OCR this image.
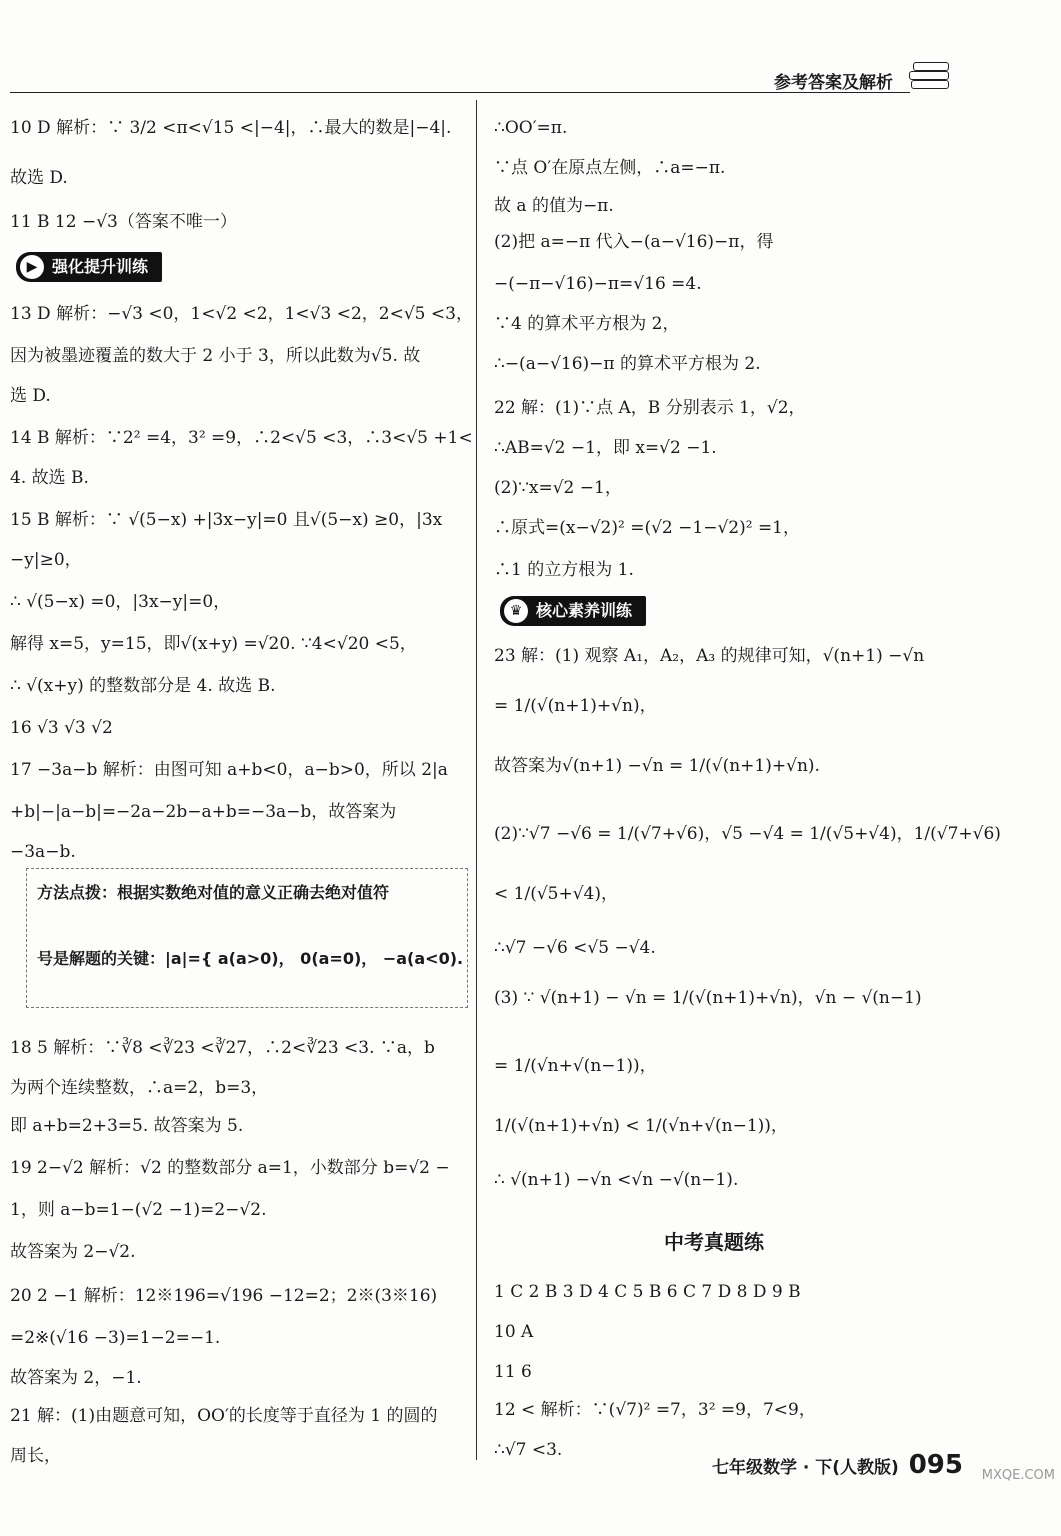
参考答案及解析
10 D 解析：∵ 3/2 <π<√15 <|−4|，∴最大的数是|−4|.
故选 D.
11 B 12 −√3（答案不唯一）
▶ 强化提升训练
13 D 解析：−√3 <0，1<√2 <2，1<√3 <2，2<√5 <3，
因为被墨迹覆盖的数大于 2 小于 3，所以此数为√5. 故
选 D.
14 B 解析：∵2² =4，3² =9，∴2<√5 <3，∴3<√5 +1<
4. 故选 B.
15 B 解析：∵ √(5−x) +|3x−y|=0 且√(5−x) ≥0，|3x
−y|≥0，
∴ √(5−x) =0，|3x−y|=0，
解得 x=5，y=15，即√(x+y) =√20. ∵4<√20 <5，
∴ √(x+y) 的整数部分是 4. 故选 B.
16 √3 √3 √2
17 −3a−b 解析：由图可知 a+b<0，a−b>0，所以 2|a
+b|−|a−b|=−2a−2b−a+b=−3a−b，故答案为
−3a−b.
方法点拨：根据实数绝对值的意义正确去绝对值符
号是解题的关键：|a|={ a(a>0)， 0(a=0)， −a(a<0).
18 5 解析：∵∛8 <∛23 <∛27，∴2<∛23 <3. ∵a，b
为两个连续整数，∴a=2，b=3，
即 a+b=2+3=5. 故答案为 5.
19 2−√2 解析：√2 的整数部分 a=1，小数部分 b=√2 −
1，则 a−b=1−(√2 −1)=2−√2.
故答案为 2−√2.
20 2 −1 解析：12※196=√196 −12=2；2※(3※16)
=2※(√16 −3)=1−2=−1.
故答案为 2，−1.
21 解：(1)由题意可知，OO′的长度等于直径为 1 的圆的
周长，
∴OO′=π.
∵点 O′在原点左侧，∴a=−π.
故 a 的值为−π.
(2)把 a=−π 代入−(a−√16)−π，得
−(−π−√16)−π=√16 =4.
∵4 的算术平方根为 2，
∴−(a−√16)−π 的算术平方根为 2.
22 解：(1)∵点 A，B 分别表示 1，√2，
∴AB=√2 −1，即 x=√2 −1.
(2)∵x=√2 −1，
∴原式=(x−√2)² =(√2 −1−√2)² =1，
∴1 的立方根为 1.
♛ 核心素养训练
23 解：(1) 观察 A₁，A₂，A₃ 的规律可知，√(n+1) −√n
= 1/(√(n+1)+√n)，
故答案为√(n+1) −√n = 1/(√(n+1)+√n).
(2)∵√7 −√6 = 1/(√7+√6)，√5 −√4 = 1/(√5+√4)，1/(√7+√6)
< 1/(√5+√4)，
∴√7 −√6 <√5 −√4.
(3) ∵ √(n+1) − √n = 1/(√(n+1)+√n)，√n − √(n−1)
= 1/(√n+√(n−1))，
1/(√(n+1)+√n) < 1/(√n+√(n−1))，
∴ √(n+1) −√n <√n −√(n−1).
中考真题练
1 C 2 B 3 D 4 C 5 B 6 C 7 D 8 D 9 B
10 A
11 6
12 < 解析：∵(√7)² =7，3² =9，7<9，
∴√7 <3.
七年级数学 · 下(人教版) 095 MXQE.COM
